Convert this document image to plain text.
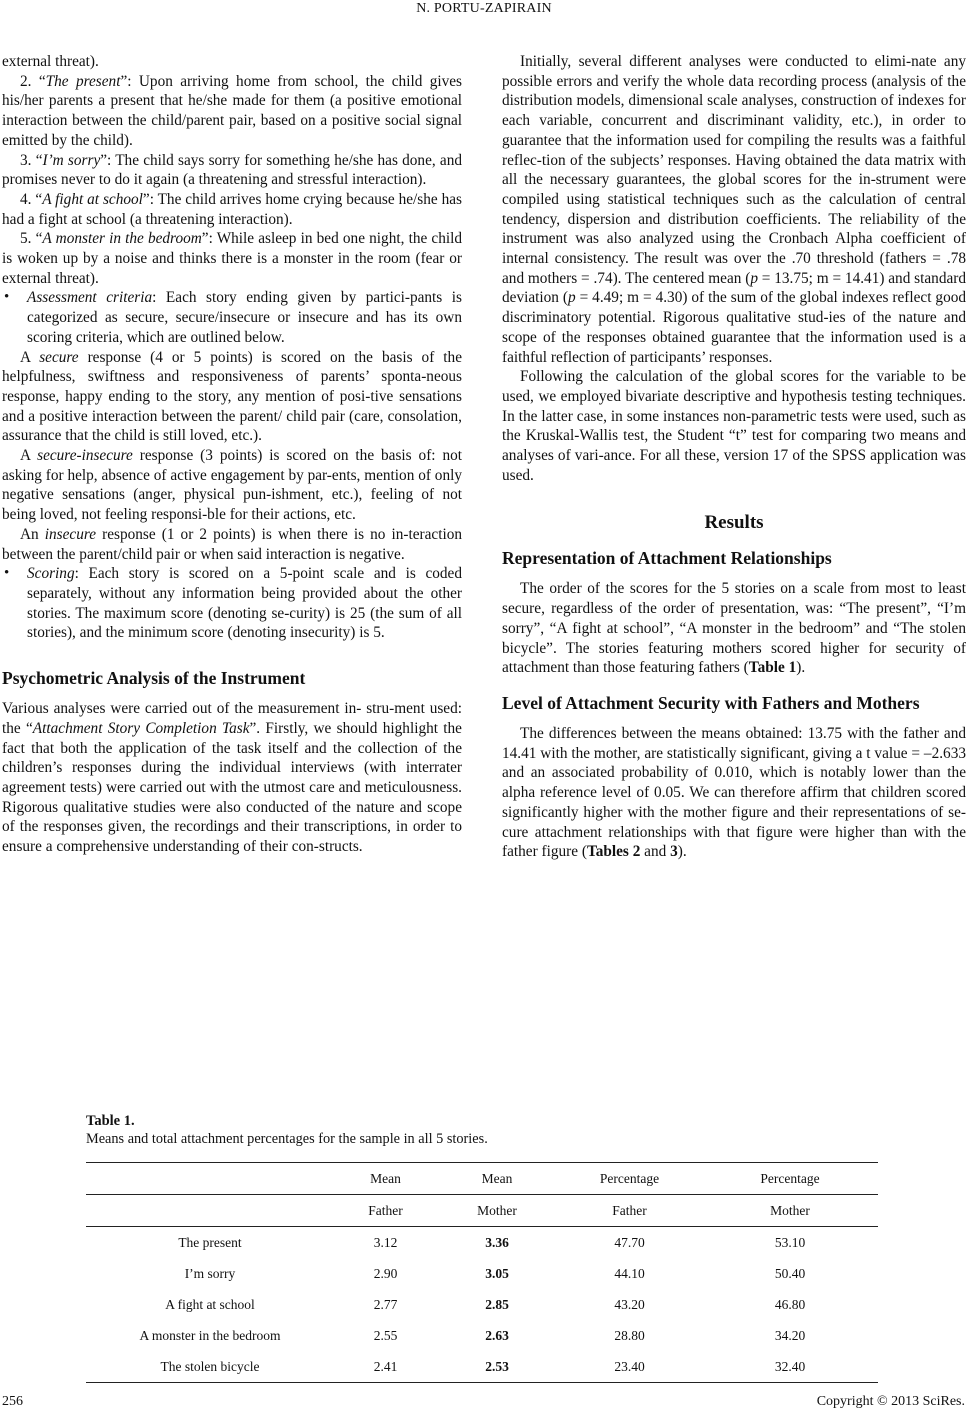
N. PORTU-ZAPIRAIN

external threat).

2. “The present”: Upon arriving home from school, the child gives his/her parents a present that he/she made for them (a positive emotional interaction between the child/parent pair, based on a positive social signal emitted by the child).

3. “I’m sorry”: The child says sorry for something he/she has done, and promises never to do it again (a threatening and stressful interaction).

4. “A fight at school”: The child arrives home crying because he/she has had a fight at school (a threatening interaction).

5. “A monster in the bedroom”: While asleep in bed one night, the child is woken up by a noise and thinks there is a monster in the room (fear or external threat).

• Assessment criteria: Each story ending given by partici-pants is categorized as secure, secure/insecure or insecure and has its own scoring criteria, which are outlined below.

A secure response (4 or 5 points) is scored on the basis of the helpfulness, swiftness and responsiveness of parents’ sponta-neous response, happy ending to the story, any mention of posi-tive sensations and a positive interaction between the parent/ child pair (care, consolation, assurance that the child is still loved, etc.).

A secure-insecure response (3 points) is scored on the basis of: not asking for help, absence of active engagement by par-ents, mention of only negative sensations (anger, physical pun-ishment, etc.), feeling of not being loved, not feeling responsi-ble for their actions, etc.

An insecure response (1 or 2 points) is when there is no in-teraction between the parent/child pair or when said interaction is negative.

• Scoring: Each story is scored on a 5-point scale and is coded separately, without any information being provided about the other stories. The maximum score (denoting se-curity) is 25 (the sum of all stories), and the minimum score (denoting insecurity) is 5.

Psychometric Analysis of the Instrument

Various analyses were carried out of the measurement in- stru-ment used: the “Attachment Story Completion Task”. Firstly, we should highlight the fact that both the application of the task itself and the collection of the children’s responses during the individual interviews (with interrater agreement tests) were carried out with the utmost care and meticulousness. Rigorous qualitative studies were also conducted of the nature and scope of the responses given, the recordings and their transcriptions, in order to ensure a comprehensive understanding of their con-structs.

Initially, several different analyses were conducted to elimi-nate any possible errors and verify the whole data recording process (analysis of the distribution models, dimensional scale analyses, construction of indexes for each variable, concurrent and discriminant validity, etc.), in order to guarantee that the information used for compiling the results was a faithful reflec-tion of the subjects’ responses. Having obtained the data matrix with all the necessary guarantees, the global scores for the in-strument were compiled using statistical techniques such as the calculation of central tendency, dispersion and distribution coefficients. The reliability of the instrument was also analyzed using the Cronbach Alpha coefficient of internal consistency. The result was over the .70 threshold (fathers = .78 and mothers = .74). The centered mean (p = 13.75; m = 14.41) and standard deviation (p = 4.49; m = 4.30) of the sum of the global indexes reflect good discriminatory potential. Rigorous qualitative stud-ies of the nature and scope of the responses obtained guarantee that the information used is a faithful reflection of participants’ responses.

Following the calculation of the global scores for the variable to be used, we employed bivariate descriptive and hypothesis testing techniques. In the latter case, in some instances non-parametric tests were used, such as the Kruskal-Wallis test, the Student “t” test for comparing two means and analyses of vari-ance. For all these, version 17 of the SPSS application was used.

Results
Representation of Attachment Relationships

The order of the scores for the 5 stories on a scale from most to least secure, regardless of the order of presentation, was: “The present”, “I’m sorry”, “A fight at school”, “A monster in the bedroom” and “The stolen bicycle”. The stories featuring mothers scored higher for security of attachment than those featuring fathers (Table 1).

Level of Attachment Security with Fathers and Mothers

The differences between the means obtained: 13.75 with the father and 14.41 with the mother, are statistically significant, giving a t value = –2.633 and an associated probability of 0.010, which is notably lower than the alpha reference level of 0.05. We can therefore affirm that children scored significantly higher with the mother figure and their representations of se-cure attachment relationships with that figure were higher than with the father figure (Tables 2 and 3).

Table 1.
Means and total attachment percentages for the sample in all 5 stories.
	Mean	Mean	Percentage	Percentage
	Father	Mother	Father	Mother
The present	3.12	3.36	47.70	53.10
I’m sorry	2.90	3.05	44.10	50.40
A fight at school	2.77	2.85	43.20	46.80
A monster in the bedroom	2.55	2.63	28.80	34.20
The stolen bicycle	2.41	2.53	23.40	32.40
256	Copyright © 2013 SciRes.
